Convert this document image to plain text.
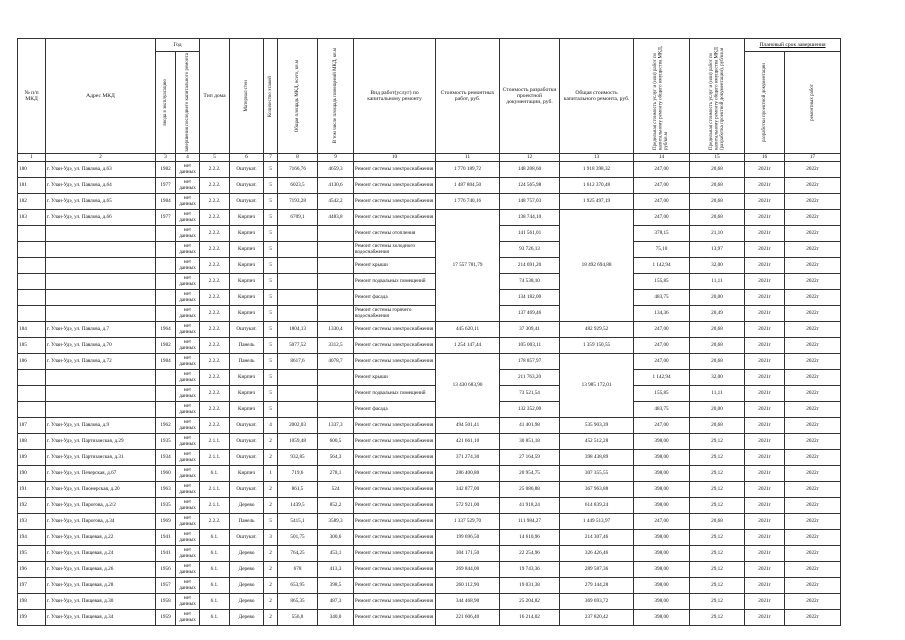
№ п/п МКД	Адрес МКД	Год		Тип дома	Материал стен	Количество этажей	Общая площадь МКД, всего, кв.м	В том числе площадь помещений МКД, кв.м	Вид работ(услуг) по капитальному ремонту	Стоимость ремонтных работ, руб.	Стоимость разработки проектной документации, руб.	Общая стоимость капитального ремонта, руб.	Предельная стоимость услуг и (или) работ по капитальному ремонту общего имущества МКД, руб/кв.м	Предельная стоимость услуг и (или) работ по капитальному ремонту общего имущества МКД (разработка проектной документации), руб/кв.м	Плановый срок завершения	

		ввода в эксплуатацию	завершения последнего капитального ремонта												разработки проектной документации	ремонтных работ

1	2	3	4	5	6	7	8	9	10	11	12	13	14	15	16	17
180	г. Улан-Удэ, ул. Павлова, д.63	1982	нет данных	2.2.2.	Оштукат.	5	7166,76	4659,3	Ремонт системы электроснабжения	1 770 189,72	148 208,60	1 918 398,32	247,00	20,68	2021г	2022г
181	г. Улан-Удэ, ул. Павлова, д.64	1977	нет данных	2.2.2.	Оштукат.	5	6023,5	4130,6	Ремонт системы электроснабжения	1 487 804,50	124 565,98	1 612 370,48	247,00	20,68	2021г	2022г
182	г. Улан-Удэ, ул. Павлова, д.65	1984	нет данных	2.2.2.	Оштукат.	5	7193,28	4542,2	Ремонт системы электроснабжения	1 776 740,16	148 757,03	1 925 497,19	247,00	20,68	2021г	2022г
183	г. Улан-Удэ, ул. Павлова, д.66	1977	нет данных	2.2.2.	Кирпич	5	6709,1	4483,8	Ремонт системы электроснабжения	17 557 781,79	138 744,10	18 492 694,88	247,00	20,68	2021г	2022г
			нет данных	2.2.2.	Кирпич	5			Ремонт системы отопления		141 561,01		378,15	21,10	2021г	2022г
			нет данных	2.2.2.	Кирпич	5			Ремонт системы холодного водоснабжения		93 726,13		75,10	13,97	2021г	2022г
			нет данных	2.2.2.	Кирпич	5			Ремонт крыши		214 691,20		1 142,94	32,00	2021г	2022г
			нет данных	2.2.2.	Кирпич	5			Ремонт подвальных помещений		74 538,10		155,85	11,11	2021г	2022г
			нет данных	2.2.2.	Кирпич	5			Ремонт фасада		134 182,00		483,75	20,00	2021г	2022г
			нет данных	2.2.2.	Кирпич	5			Ремонт системы горячего водоснабжения		137 469,46		134,36	20,49	2021г	2022г
184	г. Улан-Удэ, ул. Павлова, д.7	1964	нет данных	2.2.2.	Оштукат.	5	1804,13	1330,4	Ремонт системы электроснабжения	445 620,11	37 309,41	482 929,52	247,00	20,68	2021г	2022г
185	г. Улан-Удэ, ул. Павлова, д.70	1982	нет данных	2.2.2.	Панель	5	5077,52	3312,5	Ремонт системы электроснабжения	1 254 147,44	105 003,11	1 359 150,55	247,00	20,68	2021г	2022г
186	г. Улан-Удэ, ул. Павлова, д.72	1984	нет данных	2.2.2.	Панель	5	8617,6	4078,7	Ремонт системы электроснабжения	13 430 683,90	178 857,97	13 985 172,01	247,00	20,68	2021г	2022г
			нет данных	2.2.2.	Кирпич	5			Ремонт крыши		211 763,20		1 142,94	32,00	2021г	2022г
			нет данных	2.2.2.	Кирпич	5			Ремонт подвальных помещений		73 521,54		155,85	11,11	2021г	2022г
			нет данных	2.2.2.	Кирпич	5			Ремонт фасада		132 352,00		483,75	20,00	2021г	2022г
187	г. Улан-Удэ, ул. Павлова, д.9	1962	нет данных	2.2.2.	Оштукат.	4	2002,03	1337,3	Ремонт системы электроснабжения	494 501,41	41 401,98	535 903,39	247,00	20,68	2021г	2022г
188	г. Улан-Удэ, ул. Партизанская, д.29	1935	нет данных	2.1.1.	Оштукат.	2	1059,48	600,5	Ремонт системы электроснабжения	421 661,10	30 851,18	452 512,28	398,00	29,12	2021г	2022г
189	г. Улан-Удэ, ул. Партизанская, д.31	1934	нет данных	2.1.1.	Оштукат.	2	932,85	564,3	Ремонт системы электроснабжения	371 274,30	27 164,59	398 438,89	398,00	29,12	2021г	2022г
190	г. Улан-Удэ, ул. Печерская, д.67	1960	нет данных	6.1.	Кирпич	1	719,6	278,1	Ремонт системы электроснабжения	286 400,80	20 954,75	307 355,55	398,00	29,12	2021г	2022г
191	г. Улан-Удэ, ул. Пионерская, д.20	1963	нет данных	2.1.1.	Оштукат.	2	861,5	524	Ремонт системы электроснабжения	342 877,00	25 086,88	367 963,88	398,00	29,12	2021г	2022г
192	г. Улан-Удэ, ул. Пирогова, д.2/2	1935	нет данных	2.1.1.	Дерево	2	1439,5	852,2	Ремонт системы электроснабжения	572 921,00	41 918,24	614 839,24	398,00	29,12	2021г	2022г
193	г. Улан-Удэ, ул. Пирогова, д.34	1969	нет данных	2.2.2.	Панель	5	5415,1	3589,3	Ремонт системы электроснабжения	1 337 529,70	111 984,27	1 449 513,97	247,00	20,68	2021г	2022г
194	г. Улан-Удэ, ул. Пищевая, д.22	1941	нет данных	6.1.	Оштукат.	3	501,75	300,6	Ремонт системы электроснабжения	199 696,50	14 610,96	214 307,46	398,00	29,12	2021г	2022г
195	г. Улан-Удэ, ул. Пищевая, д.24	1941	нет данных	6.1.	Дерево	2	764,25	453,1	Ремонт системы электроснабжения	304 171,50	22 254,96	326 426,46	398,00	29,12	2021г	2022г
196	г. Улан-Удэ, ул. Пищевая, д.26	1956	нет данных	6.1.	Дерево	2	678	413,3	Ремонт системы электроснабжения	269 844,00	19 743,36	289 587,36	398,00	29,12	2021г	2022г
197	г. Улан-Удэ, ул. Пищевая, д.28	1957	нет данных	6.1.	Дерево	2	653,95	398,5	Ремонт системы электроснабжения	260 112,90	19 031,38	279 144,28	398,00	29,12	2021г	2022г
198	г. Улан-Удэ, ул. Пищевая, д.30	1958	нет данных	6.1.	Дерево	2	865,35	487,3	Ремонт системы электроснабжения	344 468,90	25 204,82	369 693,72	398,00	29,12	2021г	2022г
199	г. Улан-Удэ, ул. Пищевая, д.34	1959	нет данных	6.1.	Дерево	2	556,8	340,0	Ремонт системы электроснабжения	221 606,40	16 214,02	237 820,42	398,00	29,12	2021г	2022г
